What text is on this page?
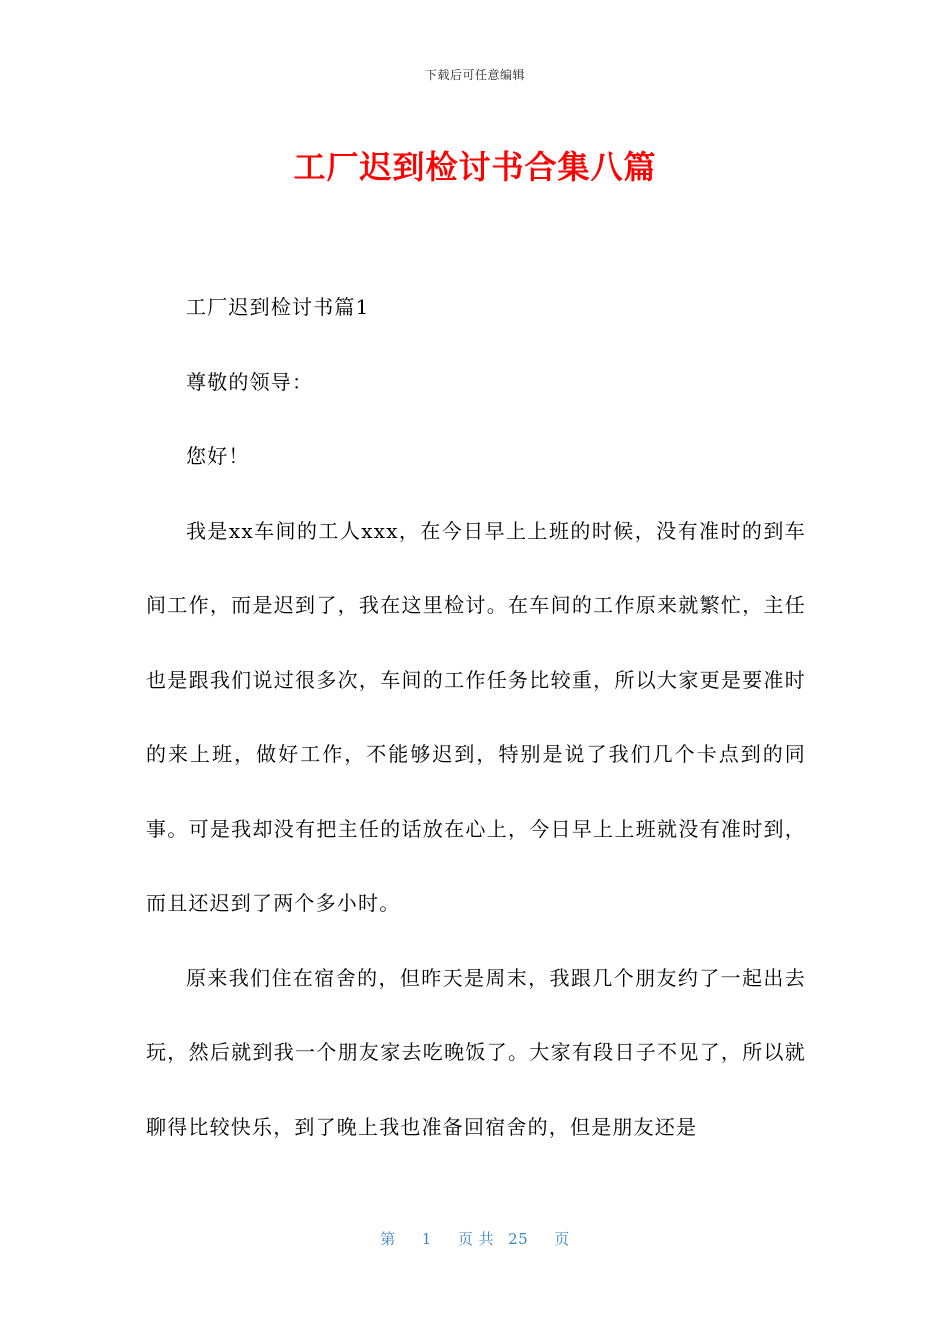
下载后可任意编辑
工厂迟到检讨书合集八篇

工厂迟到检讨书篇1

尊敬的领导：

您好！

我是xx车间的工人xxx，在今日早上上班的时候，没有准时的到车间工作，而是迟到了，我在这里检讨。在车间的工作原来就繁忙，主任也是跟我们说过很多次，车间的工作任务比较重，所以大家更是要准时的来上班，做好工作，不能够迟到，特别是说了我们几个卡点到的同事。可是我却没有把主任的话放在心上，今日早上上班就没有准时到，而且还迟到了两个多小时。

原来我们住在宿舍的，但昨天是周末，我跟几个朋友约了一起出去玩，然后就到我一个朋友家去吃晚饭了。大家有段日子不见了，所以就聊得比较快乐，到了晚上我也准备回宿舍的，但是朋友还是

第 1 页 共 25 页
